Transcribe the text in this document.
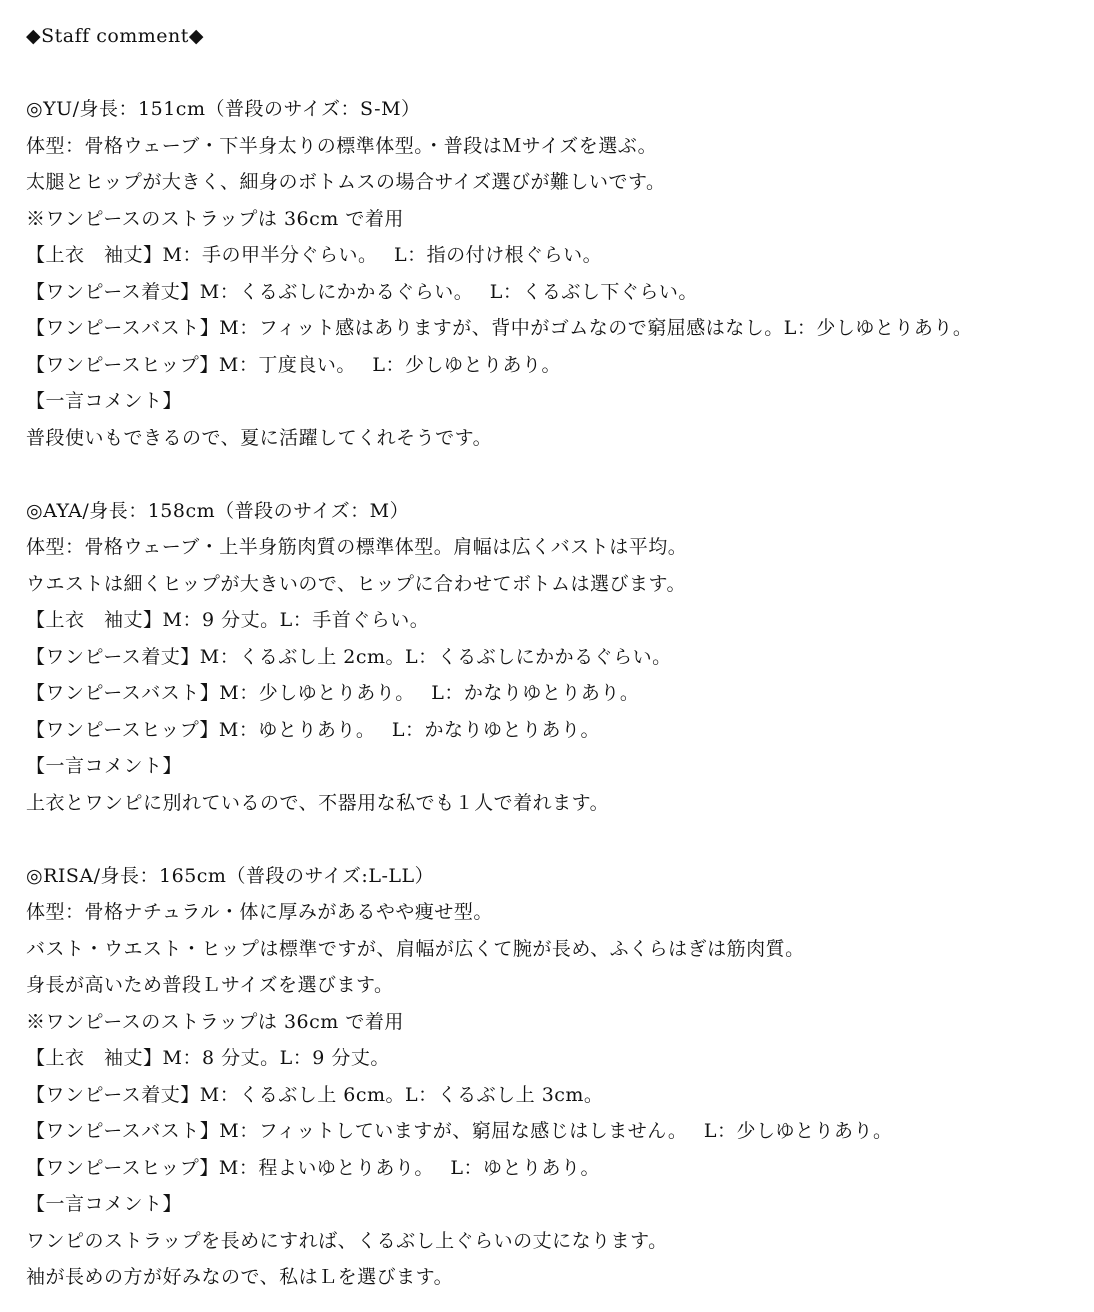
◆Staff comment◆
◎YU/身長：151cm（普段のサイズ：S-M）
体型：骨格ウェーブ・下半身太りの標準体型。・普段はＭサイズを選ぶ。
太腿とヒップが大きく、細身のボトムスの場合サイズ選びが難しいです。
※ワンピースのストラップは 36cm で着用
【上衣　袖丈】M：手の甲半分ぐらい。　 L：指の付け根ぐらい。
【ワンピース着丈】M：くるぶしにかかるぐらい。　 L：くるぶし下ぐらい。
【ワンピースバスト】M：フィット感はありますが、背中がゴムなので窮屈感はなし。L：少しゆとりあり。
【ワンピースヒップ】M：丁度良い。　 L：少しゆとりあり。
【一言コメント】
普段使いもできるので、夏に活躍してくれそうです。
◎AYA/身長：158cm（普段のサイズ：M）
体型：骨格ウェーブ・上半身筋肉質の標準体型。肩幅は広くバストは平均。
ウエストは細くヒップが大きいので、ヒップに合わせてボトムは選びます。
【上衣　袖丈】M：9 分丈。L：手首ぐらい。
【ワンピース着丈】M：くるぶし上 2cm。L：くるぶしにかかるぐらい。
【ワンピースバスト】M：少しゆとりあり。　 L：かなりゆとりあり。
【ワンピースヒップ】M：ゆとりあり。　 L：かなりゆとりあり。
【一言コメント】
上衣とワンピに別れているので、不器用な私でも１人で着れます。
◎RISA/身長：165cm（普段のサイズ:L-LL）
体型：骨格ナチュラル・体に厚みがあるやや痩せ型。
バスト・ウエスト・ヒップは標準ですが、肩幅が広くて腕が長め、ふくらはぎは筋肉質。
身長が高いため普段Ｌサイズを選びます。
※ワンピースのストラップは 36cm で着用
【上衣　袖丈】M：8 分丈。L：9 分丈。
【ワンピース着丈】M：くるぶし上 6cm。L：くるぶし上 3cm。
【ワンピースバスト】M：フィットしていますが、窮屈な感じはしません。　 L：少しゆとりあり。
【ワンピースヒップ】M：程よいゆとりあり。　 L：ゆとりあり。
【一言コメント】
ワンピのストラップを長めにすれば、くるぶし上ぐらいの丈になります。
袖が長めの方が好みなので、私はＬを選びます。
